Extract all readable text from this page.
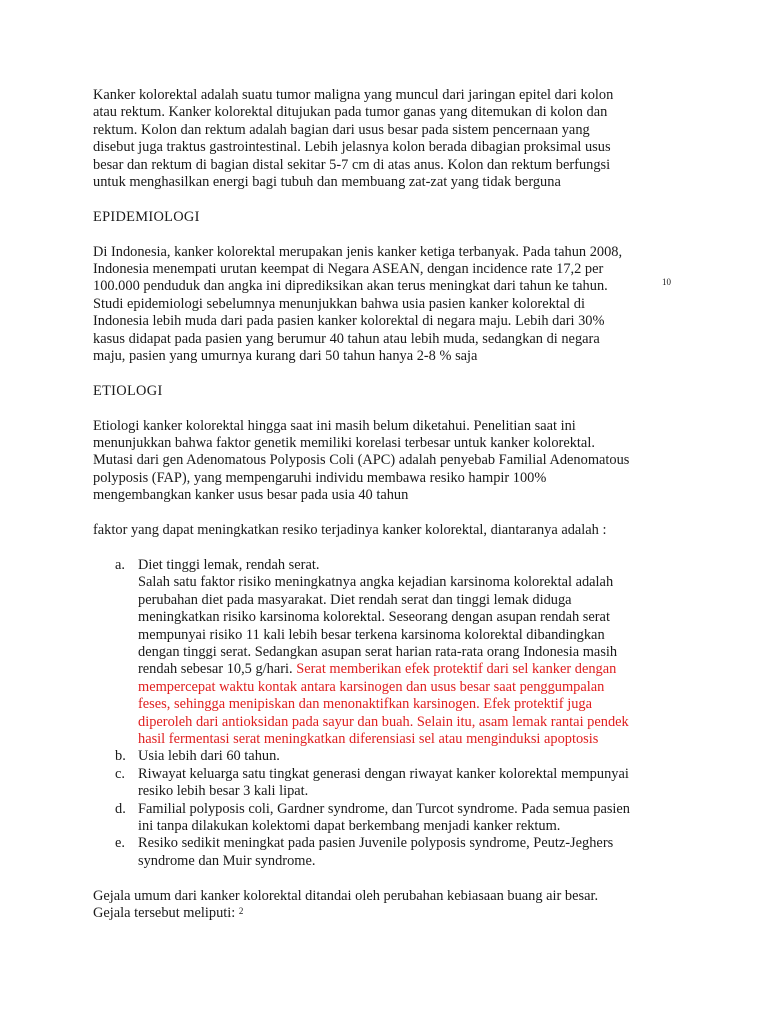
Kanker kolorektal adalah suatu tumor maligna yang muncul dari jaringan epitel dari kolon
atau rektum. Kanker kolorektal ditujukan pada tumor ganas yang ditemukan di kolon dan
rektum. Kolon dan rektum adalah bagian dari usus besar pada sistem pencernaan yang
disebut juga traktus gastrointestinal. Lebih jelasnya kolon berada dibagian proksimal usus
besar dan rektum di bagian distal sekitar 5-7 cm di atas anus. Kolon dan rektum berfungsi
untuk menghasilkan energi bagi tubuh dan membuang zat-zat yang tidak berguna

EPIDEMIOLOGI

Di Indonesia, kanker kolorektal merupakan jenis kanker ketiga terbanyak. Pada tahun 2008,
Indonesia menempati urutan keempat di Negara ASEAN, dengan incidence rate 17,2 per
100.000 penduduk dan angka ini diprediksikan akan terus meningkat dari tahun ke tahun.	10

Studi epidemiologi sebelumnya menunjukkan bahwa usia pasien kanker kolorektal di
Indonesia lebih muda dari pada pasien kanker kolorektal di negara maju. Lebih dari 30%
kasus didapat pada pasien yang berumur 40 tahun atau lebih muda, sedangkan di negara
maju, pasien yang umurnya kurang dari 50 tahun hanya 2-8 % saja

ETIOLOGI

Etiologi kanker kolorektal hingga saat ini masih belum diketahui. Penelitian saat ini
menunjukkan bahwa faktor genetik memiliki korelasi terbesar untuk kanker kolorektal.
Mutasi dari gen Adenomatous Polyposis Coli (APC) adalah penyebab Familial Adenomatous
polyposis (FAP), yang mempengaruhi individu membawa resiko hampir 100%
mengembangkan kanker usus besar pada usia 40 tahun

faktor yang dapat meningkatkan resiko terjadinya kanker kolorektal, diantaranya adalah :

a. Diet tinggi lemak, rendah serat.
Salah satu faktor risiko meningkatnya angka kejadian karsinoma kolorektal adalah
perubahan diet pada masyarakat. Diet rendah serat dan tinggi lemak diduga
meningkatkan risiko karsinoma kolorektal. Seseorang dengan asupan rendah serat
mempunyai risiko 11 kali lebih besar terkena karsinoma kolorektal dibandingkan
dengan tinggi serat. Sedangkan asupan serat harian rata-rata orang Indonesia masih
rendah sebesar 10,5 g/hari. Serat memberikan efek protektif dari sel kanker dengan
mempercepat waktu kontak antara karsinogen dan usus besar saat penggumpalan
feses, sehingga menipiskan dan menonaktifkan karsinogen. Efek protektif juga
diperoleh dari antioksidan pada sayur dan buah. Selain itu, asam lemak rantai pendek
hasil fermentasi serat meningkatkan diferensiasi sel atau menginduksi apoptosis
b. Usia lebih dari 60 tahun.
c. Riwayat keluarga satu tingkat generasi dengan riwayat kanker kolorektal mempunyai
resiko lebih besar 3 kali lipat.
d. Familial polyposis coli, Gardner syndrome, dan Turcot syndrome. Pada semua pasien
ini tanpa dilakukan kolektomi dapat berkembang menjadi kanker rektum.
e. Resiko sedikit meningkat pada pasien Juvenile polyposis syndrome, Peutz-Jeghers
syndrome dan Muir syndrome.

Gejala umum dari kanker kolorektal ditandai oleh perubahan kebiasaan buang air besar.
Gejala tersebut meliputi: $^2$
